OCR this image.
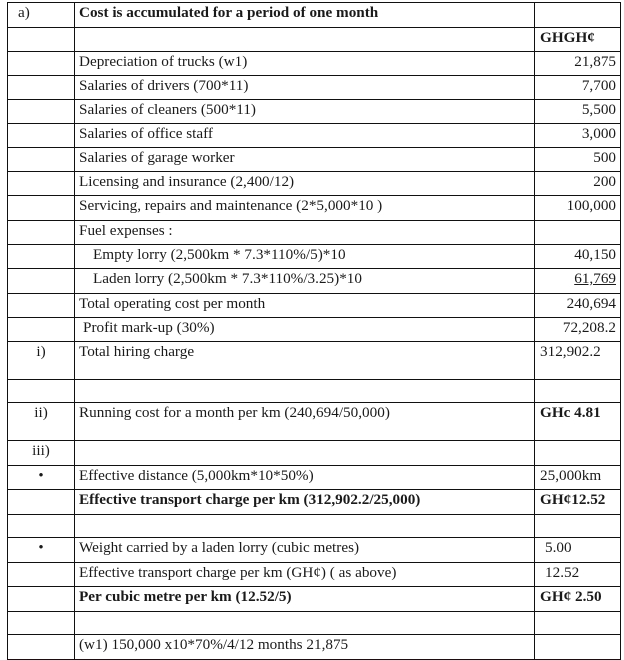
a)	Cost is accumulated for a period of one month	
		GHGH¢
	Depreciation of trucks (w1)	21,875
	Salaries of drivers (700*11)	7,700
	Salaries of cleaners (500*11)	5,500
	Salaries of office staff	3,000
	Salaries of garage worker	500
	Licensing and insurance (2,400/12)	200
	Servicing, repairs and maintenance (2*5,000*10 )	100,000
	Fuel expenses :	
	Empty lorry (2,500km * 7.3*110%/5)*10	40,150
	Laden lorry (2,500km * 7.3*110%/3.25)*10	61,769
	Total operating cost per month	240,694
	Profit mark-up (30%)	72,208.2
i)	Total hiring charge	312,902.2

ii)	Running cost for a month per km (240,694/50,000)	GHc 4.81
iii)		
•	Effective distance (5,000km*10*50%)	25,000km
	Effective transport charge per km (312,902.2/25,000)	GH¢12.52

•	Weight carried by a laden lorry (cubic metres)	5.00
	Effective transport charge per km (GH¢) ( as above)	12.52
	Per cubic metre per km (12.52/5)	GH¢ 2.50

	(w1) 150,000 x10*70%/4/12 months 21,875	
